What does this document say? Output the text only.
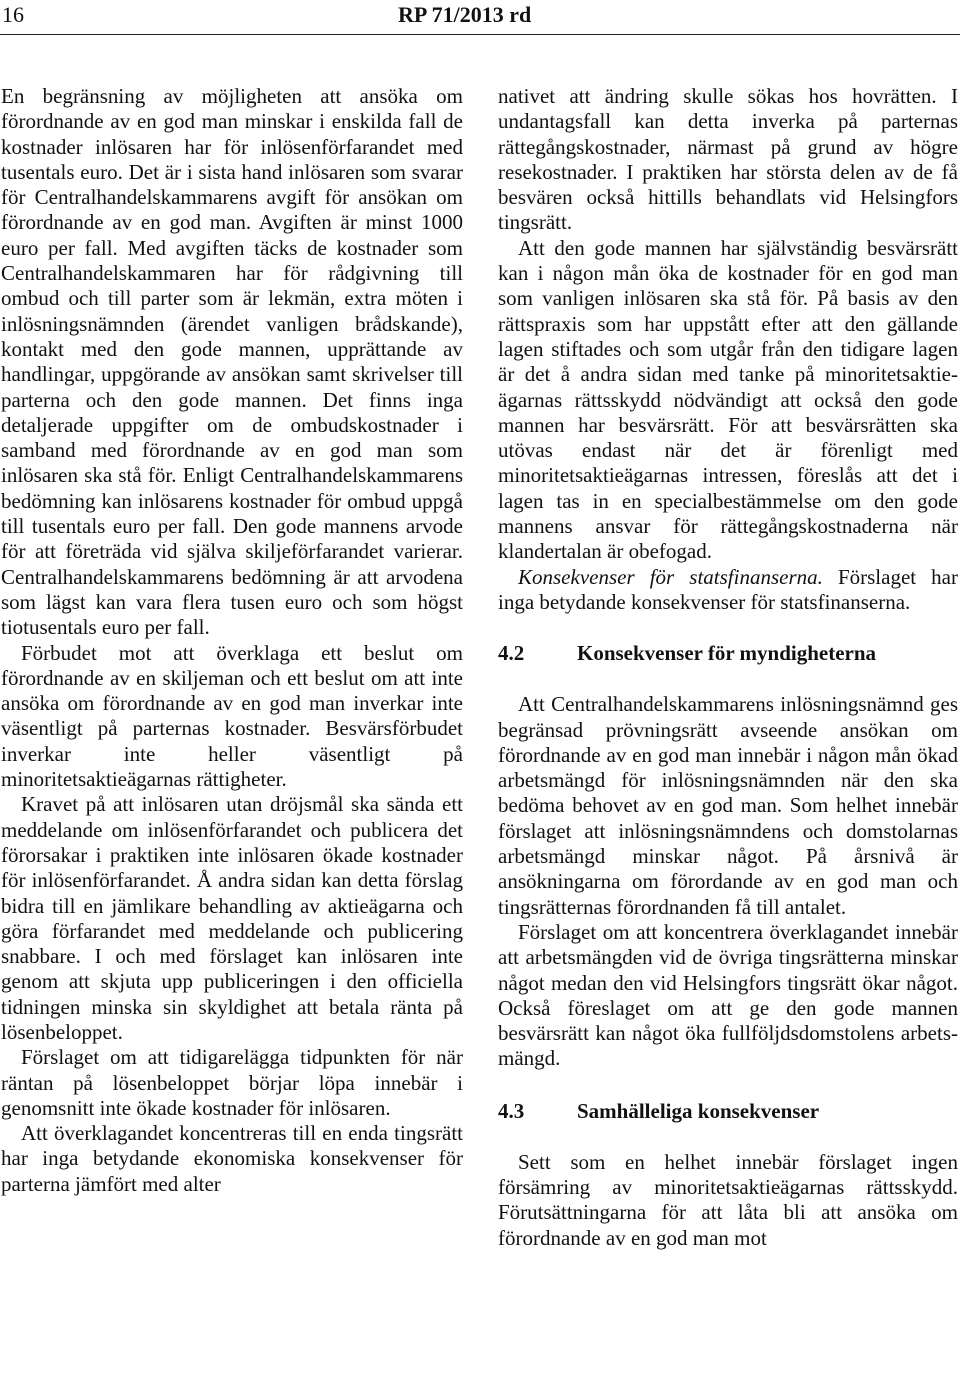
16	RP 71/2013 rd

En begränsning av möjligheten att ansöka om förordnande av en god man minskar i enskilda fall de kostnader inlösaren har för inlösenförfarandet med tusentals euro. Det är i sista hand inlösaren som svarar för Centralhandelskammarens avgift för ansökan om förordnande av en god man. Avgiften är minst 1000 euro per fall. Med avgiften täcks de kostnader som Centralhandelskammaren har för rådgivning till ombud och till parter som är lekmän, extra möten i inlösningsnämnden (ärendet vanligen brådskande), kontakt med den gode mannen, upprättande av handlingar, uppgörande av ansökan samt skrivelser till parterna och den gode mannen. Det finns inga detaljerade uppgifter om de ombudskostnader i samband med förordnande av en god man som inlösaren ska stå för. Enligt Centralhandelskammarens bedömning kan inlösarens kostnader för ombud uppgå till tusentals euro per fall. Den gode mannens arvode för att företräda vid själva skiljeförfarandet varierar. Centralhandelskammarens bedömning är att arvodena som lägst kan vara flera tusen euro och som högst tiotusentals euro per fall.

Förbudet mot att överklaga ett beslut om förordnande av en skiljeman och ett beslut om att inte ansöka om förordnande av en god man inverkar inte väsentligt på parternas kostnader. Besvärsförbudet inverkar inte heller väsentligt på minoritetsaktieägarnas rättigheter.

Kravet på att inlösaren utan dröjsmål ska sända ett meddelande om inlösenförfarandet och publicera det förorsakar i praktiken inte inlösaren ökade kostnader för inlösenförfarandet. Å andra sidan kan detta förslag bidra till en jämlikare behandling av aktieägarna och göra förfarandet med meddelande och publicering snabbare. I och med förslaget kan inlösaren inte genom att skjuta upp publiceringen i den officiella tidningen minska sin skyldighet att betala ränta på lösenbeloppet.

Förslaget om att tidigarelägga tidpunkten för när räntan på lösenbeloppet börjar löpa innebär i genomsnitt inte ökade kostnader för inlösaren.

Att överklagandet koncentreras till en enda tingsrätt har inga betydande ekonomiska konsekvenser för parterna jämfört med alter

nativet att ändring skulle sökas hos hovrätten. I undantagsfall kan detta inverka på parternas rättegångskostnader, närmast på grund av högre resekostnader. I praktiken har största delen av de få besvären också hittills behandlats vid Helsingfors tingsrätt.

Att den gode mannen har självständig besvärsrätt kan i någon mån öka de kostnader för en god man som vanligen inlösaren ska stå för. På basis av den rättspraxis som har uppstått efter att den gällande lagen stiftades och som utgår från den tidigare lagen är det å andra sidan med tanke på minoritetsaktieägarnas rättsskydd nödvändigt att också den gode mannen har besvärsrätt. För att besvärsrätten ska utövas endast när det är förenligt med minoritetsaktieägarnas intressen, föreslås att det i lagen tas in en specialbestämmelse om den gode mannens ansvar för rättegångskostnaderna när klandertalan är obefogad.

Konsekvenser för statsfinanserna. Förslaget har inga betydande konsekvenser för statsfinanserna.

4.2	Konsekvenser för myndigheterna

Att Centralhandelskammarens inlösningsnämnd ges begränsad prövningsrätt avseende ansökan om förordnande av en god man innebär i någon mån ökad arbetsmängd för inlösningsnämnden när den ska bedöma behovet av en god man. Som helhet innebär förslaget att inlösningsnämndens och domstolarnas arbetsmängd minskar något. På årsnivå är ansökningarna om förordande av en god man och tingsrätternas förordnanden få till antalet.

Förslaget om att koncentrera överklagandet innebär att arbetsmängden vid de övriga tingsrätterna minskar något medan den vid Helsingfors tingsrätt ökar något. Också föreslaget om att ge den gode mannen besvärsrätt kan något öka fullföljdsdomstolens arbetsmängd.

4.3	Samhälleliga konsekvenser

Sett som en helhet innebär förslaget ingen försämring av minoritetsaktieägarnas rättsskydd. Förutsättningarna för att låta bli att ansöka om förordnande av en god man mot
